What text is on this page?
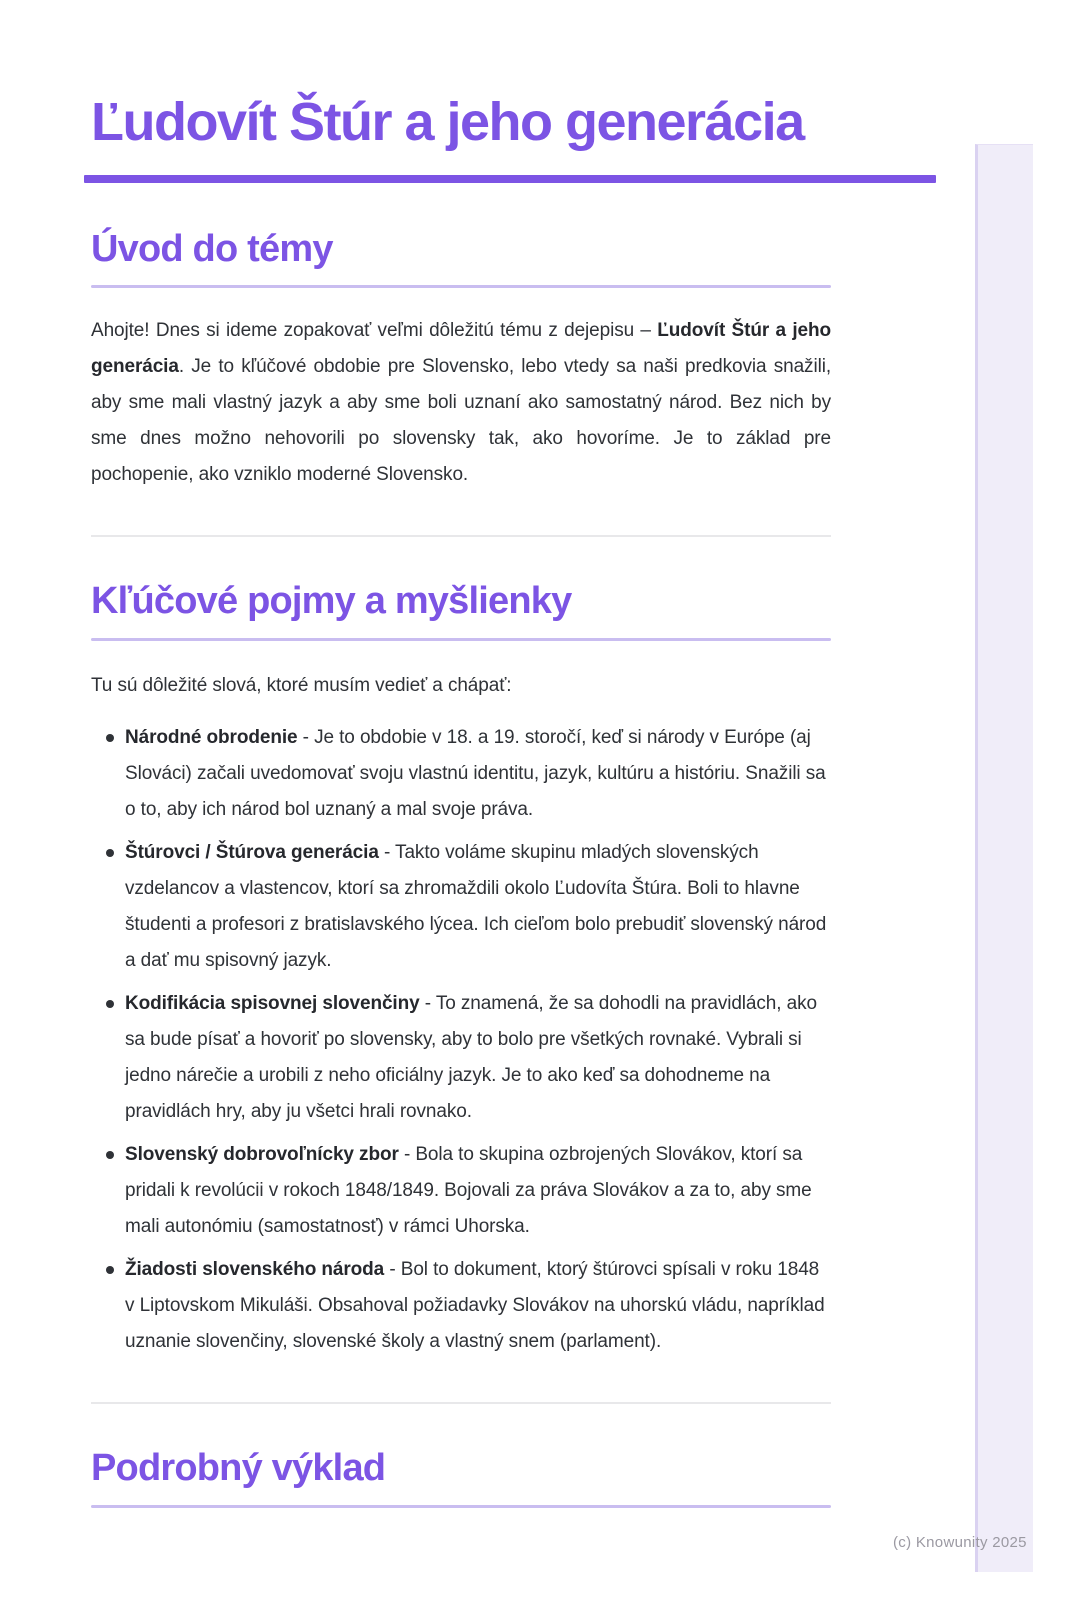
Ľudovít Štúr a jeho generácia
Úvod do témy

Ahojte! Dnes si ideme zopakovať veľmi dôležitú tému z dejepisu – Ľudovít Štúr a jeho generácia. Je to kľúčové obdobie pre Slovensko, lebo vtedy sa naši predkovia snažili, aby sme mali vlastný jazyk a aby sme boli uznaní ako samostatný národ. Bez nich by sme dnes možno nehovorili po slovensky tak, ako hovoríme. Je to základ pre pochopenie, ako vzniklo moderné Slovensko.

Kľúčové pojmy a myšlienky

Tu sú dôležité slová, ktoré musím vedieť a chápať:

Národné obrodenie - Je to obdobie v 18. a 19. storočí, keď si národy v Európe (aj Slováci) začali uvedomovať svoju vlastnú identitu, jazyk, kultúru a históriu. Snažili sa o to, aby ich národ bol uznaný a mal svoje práva.
Štúrovci / Štúrova generácia - Takto voláme skupinu mladých slovenských vzdelancov a vlastencov, ktorí sa zhromaždili okolo Ľudovíta Štúra. Boli to hlavne študenti a profesori z bratislavského lýcea. Ich cieľom bolo prebudiť slovenský národ a dať mu spisovný jazyk.
Kodifikácia spisovnej slovenčiny - To znamená, že sa dohodli na pravidlách, ako sa bude písať a hovoriť po slovensky, aby to bolo pre všetkých rovnaké. Vybrali si jedno nárečie a urobili z neho oficiálny jazyk. Je to ako keď sa dohodneme na pravidlách hry, aby ju všetci hrali rovnako.
Slovenský dobrovoľnícky zbor - Bola to skupina ozbrojených Slovákov, ktorí sa pridali k revolúcii v rokoch 1848/1849. Bojovali za práva Slovákov a za to, aby sme mali autonómiu (samostatnosť) v rámci Uhorska.
Žiadosti slovenského národa - Bol to dokument, ktorý štúrovci spísali v roku 1848 v Liptovskom Mikuláši. Obsahoval požiadavky Slovákov na uhorskú vládu, napríklad uznanie slovenčiny, slovenské školy a vlastný snem (parlament).
Podrobný výklad
(c) Knowunity 2025
